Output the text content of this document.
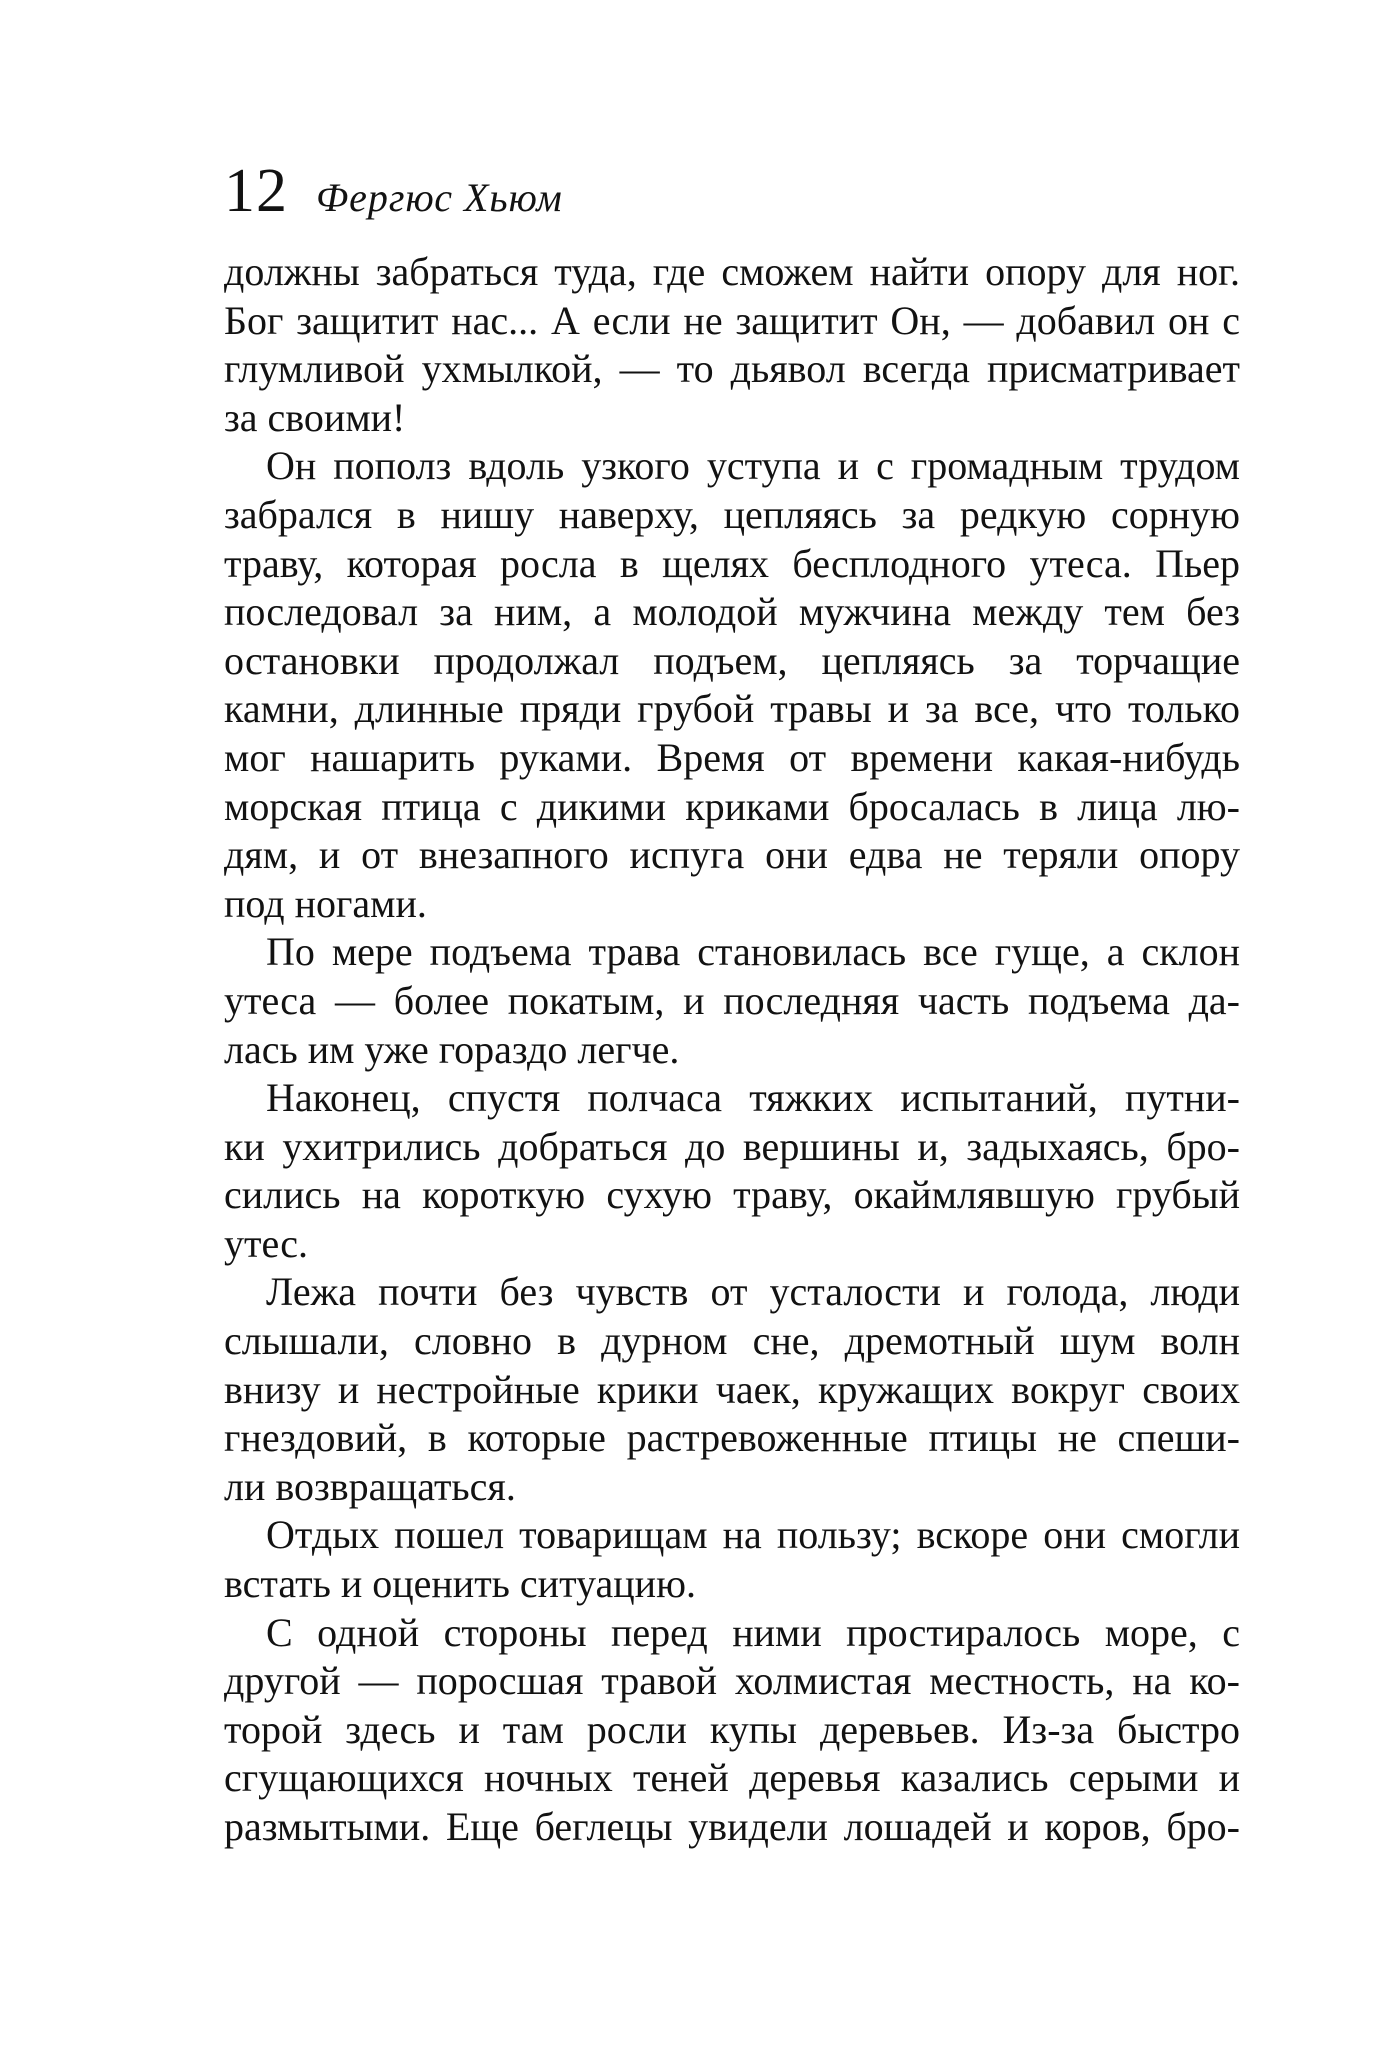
12 Фергюс Хьюм
должны забраться туда, где сможем найти опору для ног.
Бог защитит нас... А если не защитит Он, — добавил он с
глумливой ухмылкой, — то дьявол всегда присматривает
за своими!
Он пополз вдоль узкого уступа и с громадным трудом
забрался в нишу наверху, цепляясь за редкую сорную
траву, которая росла в щелях бесплодного утеса. Пьер
последовал за ним, а молодой мужчина между тем без
остановки продолжал подъем, цепляясь за торчащие
камни, длинные пряди грубой травы и за все, что только
мог нашарить руками. Время от времени какая-нибудь
морская птица с дикими криками бросалась в лица лю-
дям, и от внезапного испуга они едва не теряли опору
под ногами.
По мере подъема трава становилась все гуще, а склон
утеса — более покатым, и последняя часть подъема да-
лась им уже гораздо легче.
Наконец, спустя полчаса тяжких испытаний, путни-
ки ухитрились добраться до вершины и, задыхаясь, бро-
сились на короткую сухую траву, окаймлявшую грубый
утес.
Лежа почти без чувств от усталости и голода, люди
слышали, словно в дурном сне, дремотный шум волн
внизу и нестройные крики чаек, кружащих вокруг своих
гнездовий, в которые растревоженные птицы не спеши-
ли возвращаться.
Отдых пошел товарищам на пользу; вскоре они смогли
встать и оценить ситуацию.
С одной стороны перед ними простиралось море, с
другой — поросшая травой холмистая местность, на ко-
торой здесь и там росли купы деревьев. Из-за быстро
сгущающихся ночных теней деревья казались серыми и
размытыми. Еще беглецы увидели лошадей и коров, бро-
